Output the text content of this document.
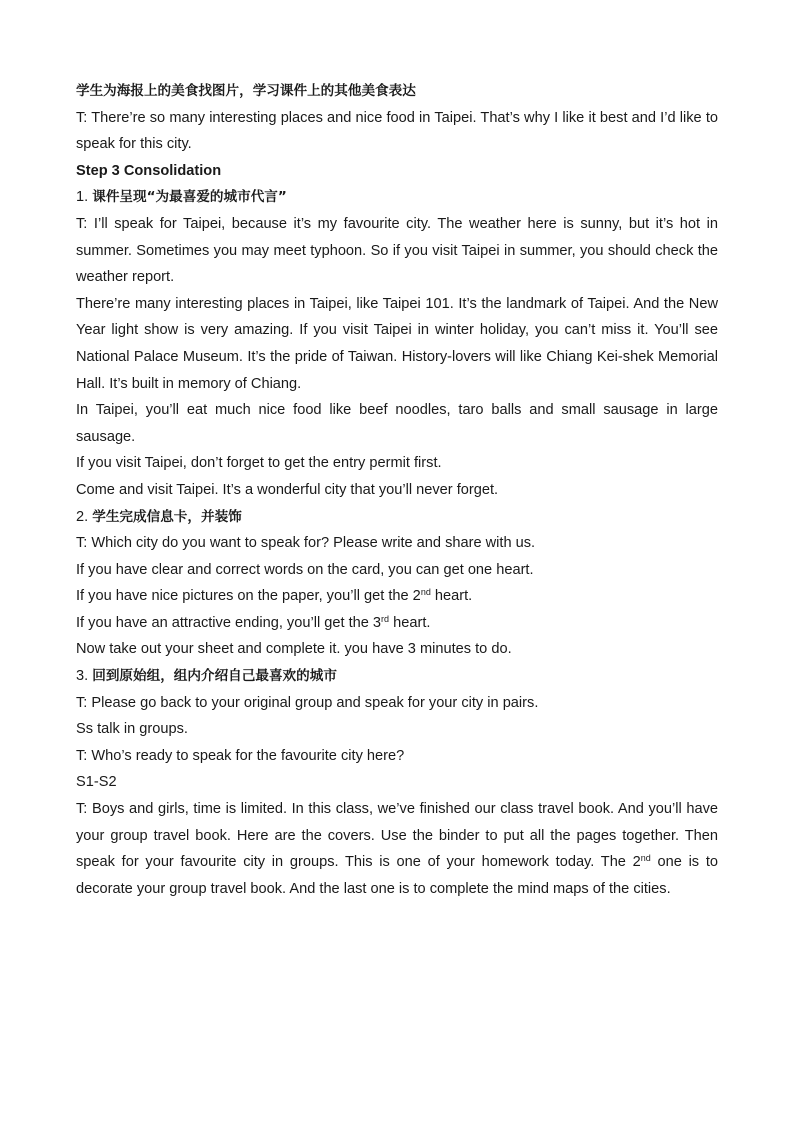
学生为海报上的美食找图片，学习课件上的其他美食表达

T: There’re so many interesting places and nice food in Taipei. That’s why I like it best and I’d like to speak for this city.

Step 3 Consolidation

1. 课件呈现“为最喜爱的城市代言”

T: I’ll speak for Taipei, because it’s my favourite city. The weather here is sunny, but it’s hot in summer. Sometimes you may meet typhoon. So if you visit Taipei in summer, you should check the weather report.

There’re many interesting places in Taipei, like Taipei 101. It’s the landmark of Taipei. And the New Year light show is very amazing. If you visit Taipei in winter holiday, you can’t miss it. You’ll see National Palace Museum. It’s the pride of Taiwan. History-lovers will like Chiang Kei-shek Memorial Hall. It’s built in memory of Chiang.

In Taipei, you’ll eat much nice food like beef noodles, taro balls and small sausage in large sausage.

If you visit Taipei, don’t forget to get the entry permit first.

Come and visit Taipei. It’s a wonderful city that you’ll never forget.

2. 学生完成信息卡，并装饰

T: Which city do you want to speak for? Please write and share with us.

If you have clear and correct words on the card, you can get one heart.

If you have nice pictures on the paper, you’ll get the 2nd heart.

If you have an attractive ending, you’ll get the 3rd heart.

Now take out your sheet and complete it. you have 3 minutes to do.

3. 回到原始组，组内介绍自己最喜欢的城市

T: Please go back to your original group and speak for your city in pairs.

Ss talk in groups.

T: Who’s ready to speak for the favourite city here?

S1-S2

T: Boys and girls, time is limited. In this class, we’ve finished our class travel book. And you’ll have your group travel book. Here are the covers. Use the binder to put all the pages together. Then speak for your favourite city in groups. This is one of your homework today. The 2nd one is to decorate your group travel book. And the last one is to complete the mind maps of the cities.
